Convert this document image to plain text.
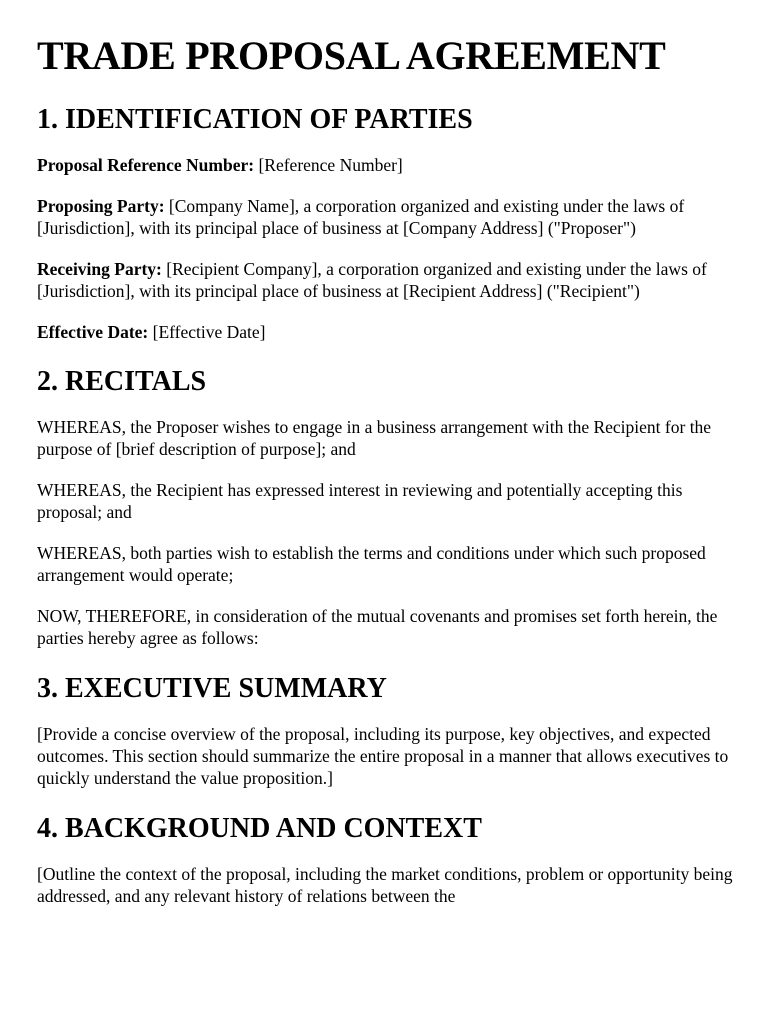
TRADE PROPOSAL AGREEMENT
1. IDENTIFICATION OF PARTIES

Proposal Reference Number: [Reference Number]

Proposing Party: [Company Name], a corporation organized and existing under the laws of [Jurisdiction], with its principal place of business at [Company Address] ("Proposer")

Receiving Party: [Recipient Company], a corporation organized and existing under the laws of [Jurisdiction], with its principal place of business at [Recipient Address] ("Recipient")

Effective Date: [Effective Date]

2. RECITALS

WHEREAS, the Proposer wishes to engage in a business arrangement with the Recipient for the purpose of [brief description of purpose]; and

WHEREAS, the Recipient has expressed interest in reviewing and potentially accepting this proposal; and

WHEREAS, both parties wish to establish the terms and conditions under which such proposed arrangement would operate;

NOW, THEREFORE, in consideration of the mutual covenants and promises set forth herein, the parties hereby agree as follows:

3. EXECUTIVE SUMMARY

[Provide a concise overview of the proposal, including its purpose, key objectives, and expected outcomes. This section should summarize the entire proposal in a manner that allows executives to quickly understand the value proposition.]

4. BACKGROUND AND CONTEXT

[Outline the context of the proposal, including the market conditions, problem or opportunity being addressed, and any relevant history of relations between the
